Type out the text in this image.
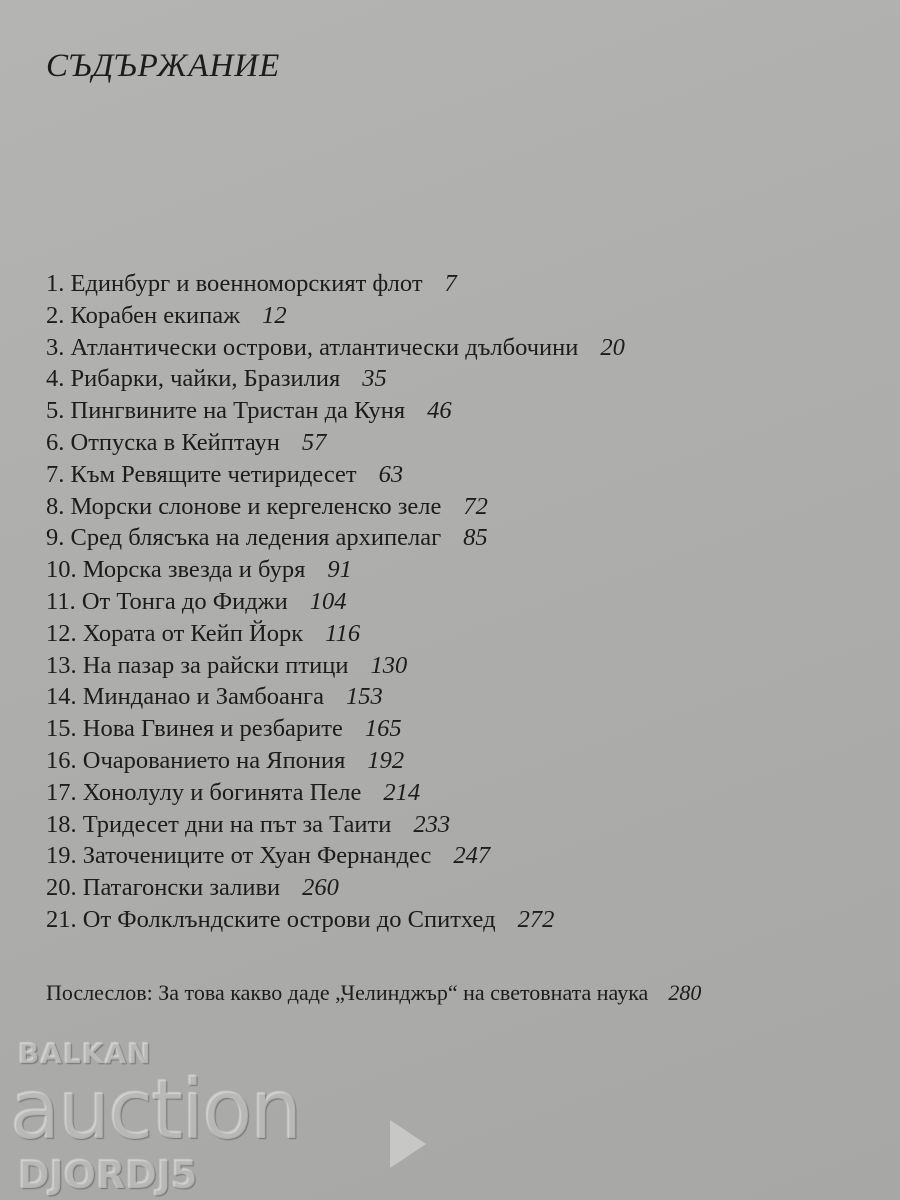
СЪДЪРЖАНИЕ
1. Единбург и военноморският флот 7
2. Корабен екипаж 12
3. Атлантически острови, атлантически дълбочини 20
4. Рибарки, чайки, Бразилия 35
5. Пингвините на Тристан да Куня 46
6. Отпуска в Кейптаун 57
7. Към Ревящите четиридесет 63
8. Морски слонове и кергеленско зеле 72
9. Сред блясъка на ледения архипелаг 85
10. Морска звезда и буря 91
11. От Тонга до Фиджи 104
12. Хората от Кейп Йорк 116
13. На пазар за райски птици 130
14. Минданао и Замбоанга 153
15. Нова Гвинея и резбарите 165
16. Очарованието на Япония 192
17. Хонолулу и богинята Пеле 214
18. Тридесет дни на път за Таити 233
19. Заточениците от Хуан Фернандес 247
20. Патагонски заливи 260
21. От Фолклъндските острови до Спитхед 272
Послеслов: За това какво даде „Челинджър“ на световната наука 280
BALKAN
auction
DJORDJ5
